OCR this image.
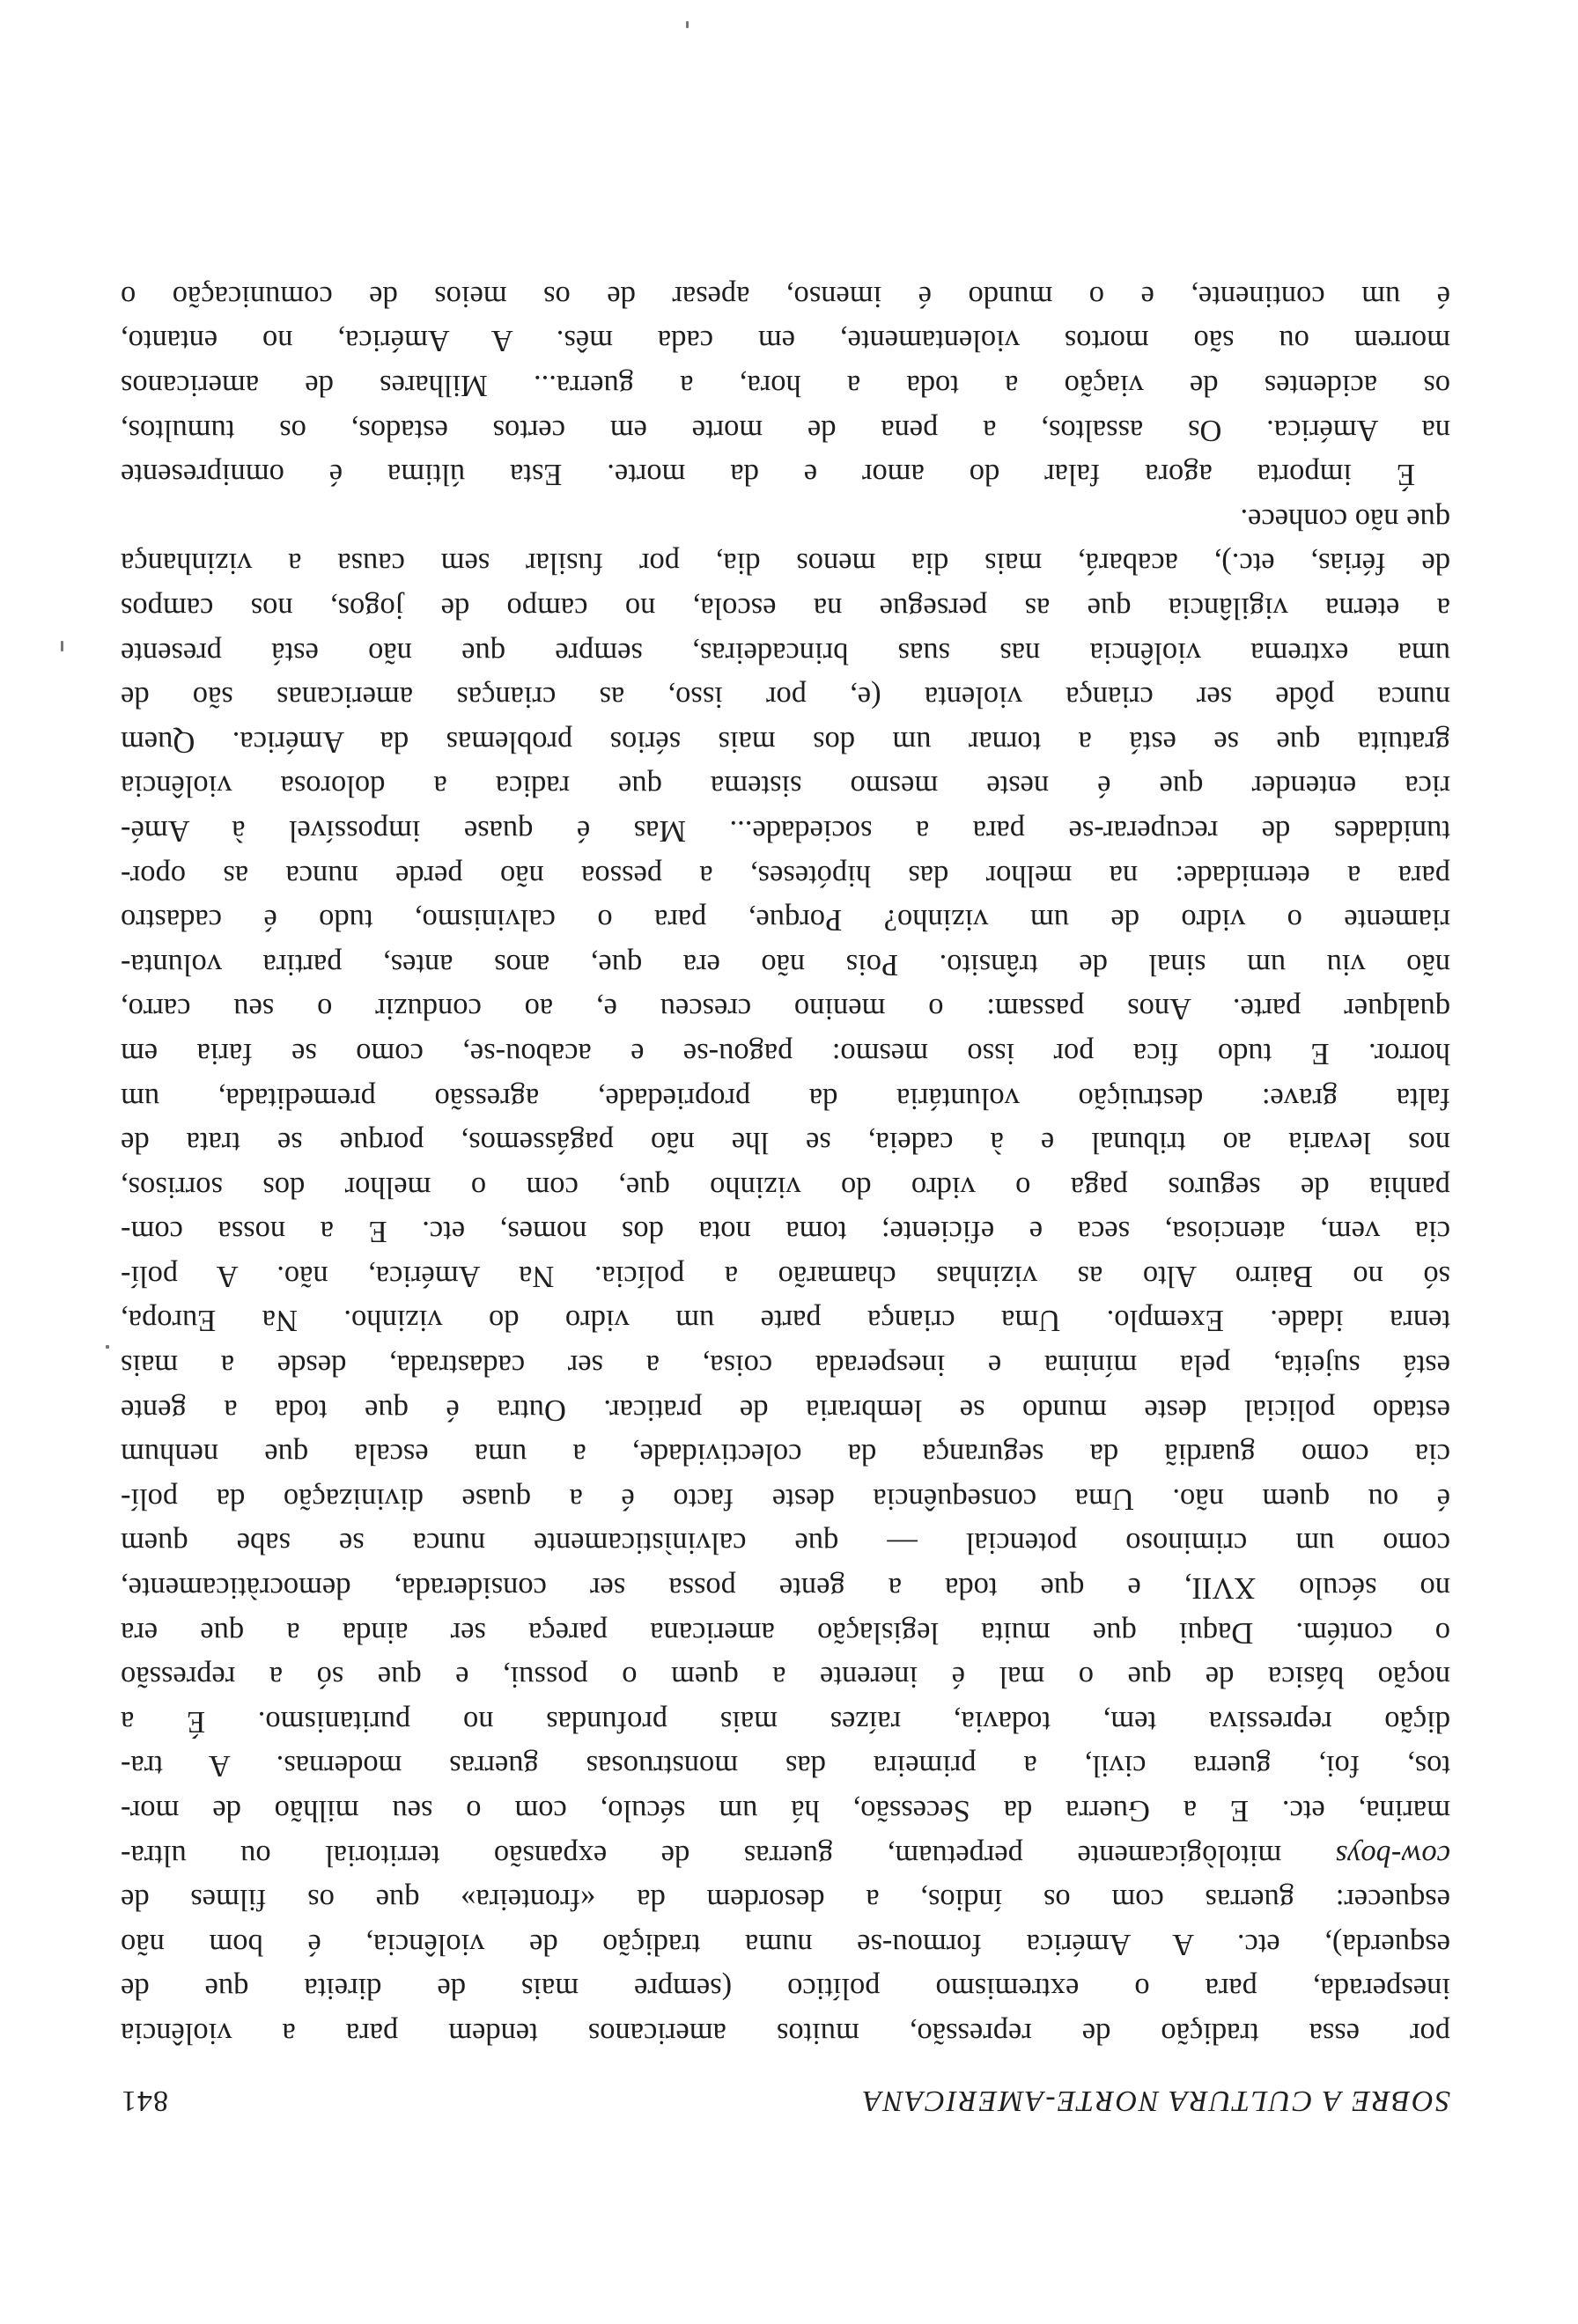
SOBRE A CULTURA NORTE-AMERICANA
841
por essa tradição de repressão, muitos americanos tendem para a violência
inesperada, para o extremismo político (sempre mais de direita que de
esquerda), etc. A América formou-se numa tradição de violência, é bom não
esquecer: guerras com os índios, a desordem da «fronteira» que os filmes de
cow-boys mitològicamente perpetuam, guerras de expansão territorial ou ultra-
marina, etc. E a Guerra da Secessão, há um século, com o seu milhão de mor-
tos, foi, guerra civil, a primeira das monstruosas guerras modernas. A tra-
dição repressiva tem, todavia, raízes mais profundas no puritanismo. É a
noção básica de que o mal é inerente a quem o possui, e que só a repressão
o contém. Daqui que muita legislação americana pareça ser ainda a que era
no século XVII, e que toda a gente possa ser considerada, democràticamente,
como um criminoso potencial — que calvinìsticamente nunca se sabe quem
é ou quem não. Uma consequência deste facto é a quase divinização da polí-
cia como guardiã da segurança da colectividade, a uma escala que nenhum
estado policial deste mundo se lembraria de praticar. Outra é que toda a gente
está sujeita, pela mínima e inesperada coisa, a ser cadastrada, desde a mais
tenra idade. Exemplo. Uma criança parte um vidro do vizinho. Na Europa,
só no Bairro Alto as vizinhas chamarão a polícia. Na América, não. A polí-
cia vem, atenciosa, seca e eficiente; toma nota dos nomes, etc. E a nossa com-
panhia de seguros paga o vidro do vizinho que, com o melhor dos sorrisos,
nos levaria ao tribunal e à cadeia, se lhe não pagássemos, porque se trata de
falta grave: destruição voluntária da propriedade, agressão premeditada, um
horror. E tudo fica por isso mesmo: pagou-se e acabou-se, como se faria em
qualquer parte. Anos passam: o menino cresceu e, ao conduzir o seu carro,
não viu um sinal de trânsito. Pois não era que, anos antes, partira volunta-
riamente o vidro de um vizinho? Porque, para o calvinismo, tudo é cadastro
para a eternidade: na melhor das hipóteses, a pessoa não perde nunca as opor-
tunidades de recuperar-se para a sociedade... Mas é quase impossível à Amé-
rica entender que é neste mesmo sistema que radica a dolorosa violência
gratuita que se está a tornar um dos mais sérios problemas da América. Quem
nunca pôde ser criança violenta (e, por isso, as crianças americanas são de
uma extrema violência nas suas brincadeiras, sempre que não está presente
a eterna vigilância que as persegue na escola, no campo de jogos, nos campos
de férias, etc.), acabará, mais dia menos dia, por fusilar sem causa a vizinhança
que não conhece.
É importa agora falar do amor e da morte. Esta última é omnipresente
na América. Os assaltos, a pena de morte em certos estados, os tumultos,
os acidentes de viação a toda a hora, a guerra... Milhares de americanos
morrem ou são mortos violentamente, em cada mês. A América, no entanto,
é um continente, e o mundo é imenso, apesar de os meios de comunicação o
